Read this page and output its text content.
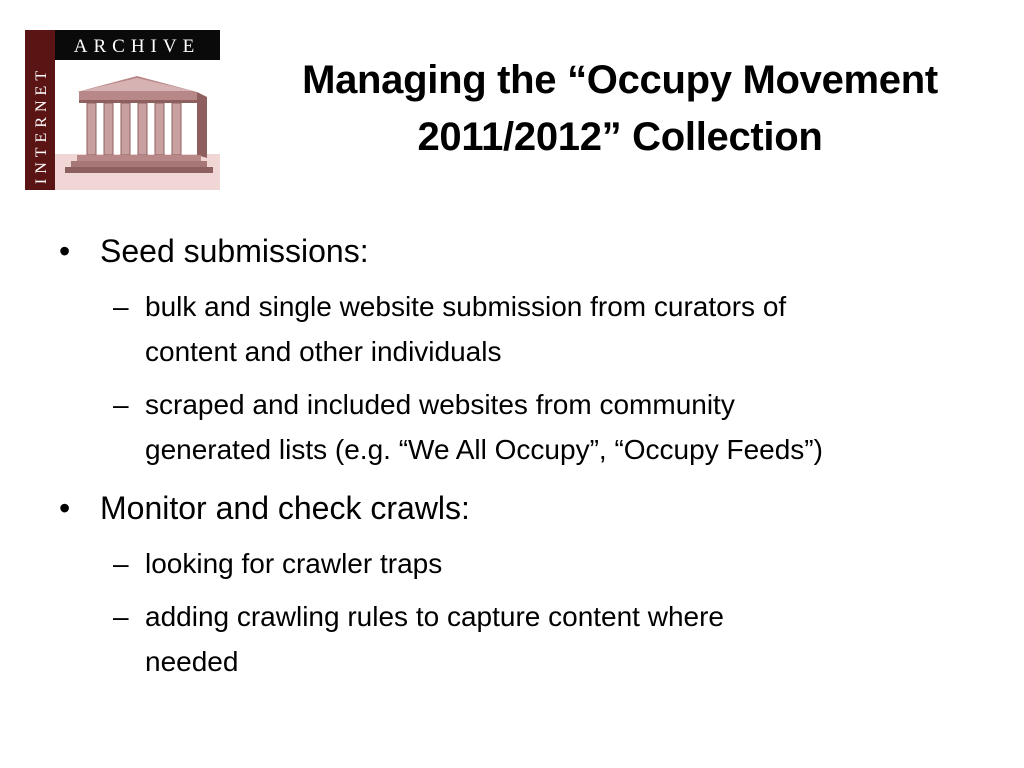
ARCHIVE
INTERNET	Managing the “Occupy Movement
2011/2012” Collection
• Seed submissions:
– bulk and single website submission from curators of
content and other individuals
– scraped and included websites from community
generated lists (e.g. “We All Occupy”, “Occupy Feeds”)
• Monitor and check crawls:
– looking for crawler traps
– adding crawling rules to capture content where
needed
